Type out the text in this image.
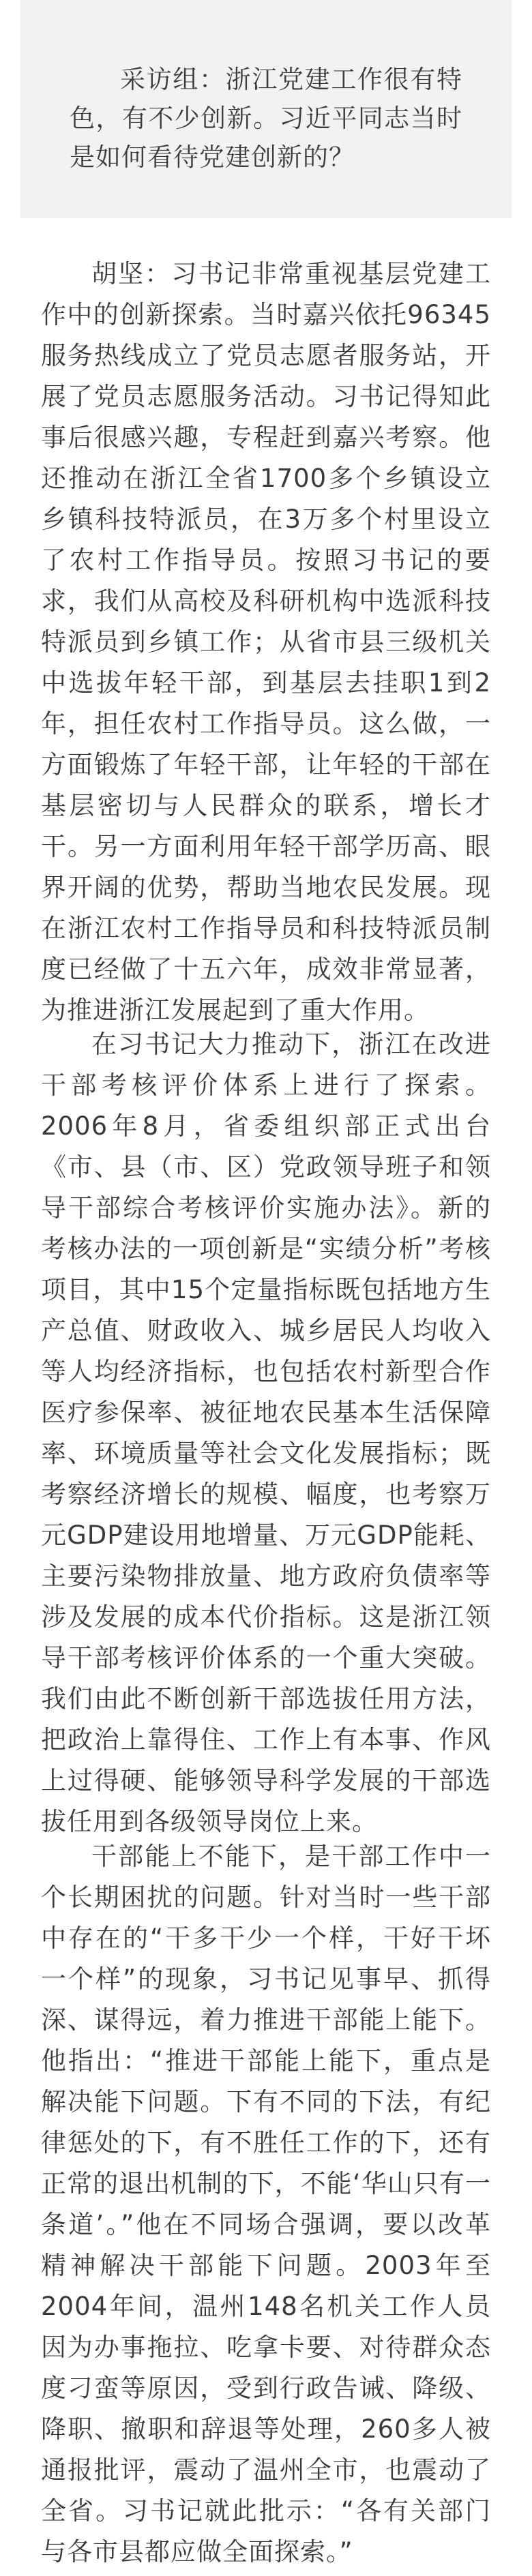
采访组：浙江党建工作很有特色，有不少创新。习近平同志当时是如何看待党建创新的？

胡坚：习书记非常重视基层党建工作中的创新探索。当时嘉兴依托96345服务热线成立了党员志愿者服务站，开展了党员志愿服务活动。习书记得知此事后很感兴趣，专程赶到嘉兴考察。他还推动在浙江全省1700多个乡镇设立乡镇科技特派员，在3万多个村里设立了农村工作指导员。按照习书记的要求，我们从高校及科研机构中选派科技特派员到乡镇工作；从省市县三级机关中选拔年轻干部，到基层去挂职1到2年，担任农村工作指导员。这么做，一方面锻炼了年轻干部，让年轻的干部在基层密切与人民群众的联系，增长才干。另一方面利用年轻干部学历高、眼界开阔的优势，帮助当地农民发展。现在浙江农村工作指导员和科技特派员制度已经做了十五六年，成效非常显著，为推进浙江发展起到了重大作用。

在习书记大力推动下，浙江在改进干部考核评价体系上进行了探索。2006年8月，省委组织部正式出台《市、县（市、区）党政领导班子和领导干部综合考核评价实施办法》。新的考核办法的一项创新是“实绩分析”考核项目，其中15个定量指标既包括地方生产总值、财政收入、城乡居民人均收入等人均经济指标，也包括农村新型合作医疗参保率、被征地农民基本生活保障率、环境质量等社会文化发展指标；既考察经济增长的规模、幅度，也考察万元GDP建设用地增量、万元GDP能耗、主要污染物排放量、地方政府负债率等涉及发展的成本代价指标。这是浙江领导干部考核评价体系的一个重大突破。我们由此不断创新干部选拔任用方法，把政治上靠得住、工作上有本事、作风上过得硬、能够领导科学发展的干部选拔任用到各级领导岗位上来。

干部能上不能下，是干部工作中一个长期困扰的问题。针对当时一些干部中存在的“干多干少一个样，干好干坏一个样”的现象，习书记见事早、抓得深、谋得远，着力推进干部能上能下。他指出：“推进干部能上能下，重点是解决能下问题。下有不同的下法，有纪律惩处的下，有不胜任工作的下，还有正常的退出机制的下，不能‘华山只有一条道’。”他在不同场合强调，要以改革精神解决干部能下问题。2003年至2004年间，温州148名机关工作人员因为办事拖拉、吃拿卡要、对待群众态度刁蛮等原因，受到行政告诫、降级、降职、撤职和辞退等处理，260多人被通报批评，震动了温州全市，也震动了全省。习书记就此批示：“各有关部门与各市县都应做全面探索。”
